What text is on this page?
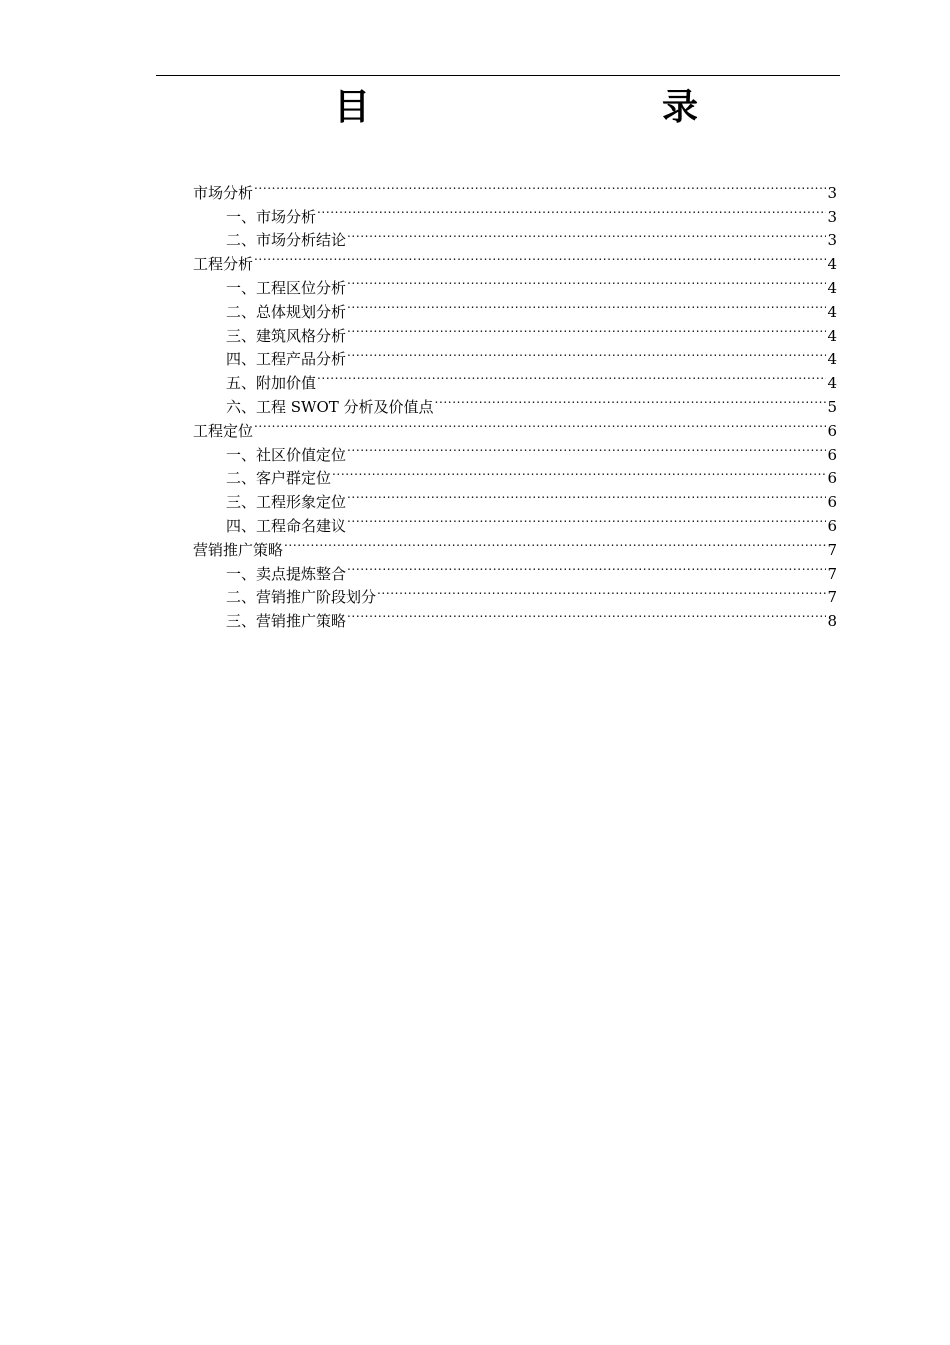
目	录
市场分析 .....	3
一、市场分析 .....	3
二、市场分析结论 .....	3
工程分析 .....	4
一、工程区位分析 .....	4
二、总体规划分析 .....	4
三、建筑风格分析 .....	4
四、工程产品分析 .....	4
五、附加价值 .....	4
六、工程 SWOT 分析及价值点 .....	5
工程定位 .....	6
一、社区价值定位 .....	6
二、客户群定位 .....	6
三、工程形象定位 .....	6
四、工程命名建议 .....	6
营销推广策略 .....	7
一、卖点提炼整合 .....	7
二、营销推广阶段划分 .....	7
三、营销推广策略 .....	8
